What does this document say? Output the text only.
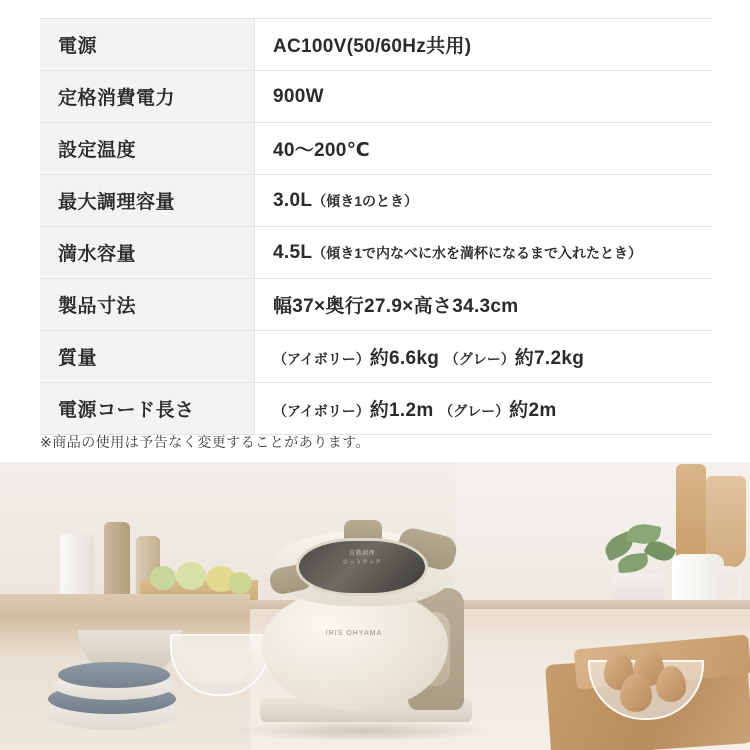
電源	AC100V(50/60Hz共用)
定格消費電力	900W
設定温度	40〜200℃
最大調理容量	3.0L（傾き1のとき）
満水容量	4.5L（傾き1で内なべに水を満杯になるまで入れたとき）
製品寸法	幅37×奥行27.9×高さ34.3cm
質量	（アイボリー）約6.6kg （グレー）約7.2kg
電源コード長さ	（アイボリー）約1.2m （グレー）約2m
※商品の使用は予告なく変更することがあります。
自動調理
ホットクック
IRIS OHYAMA
